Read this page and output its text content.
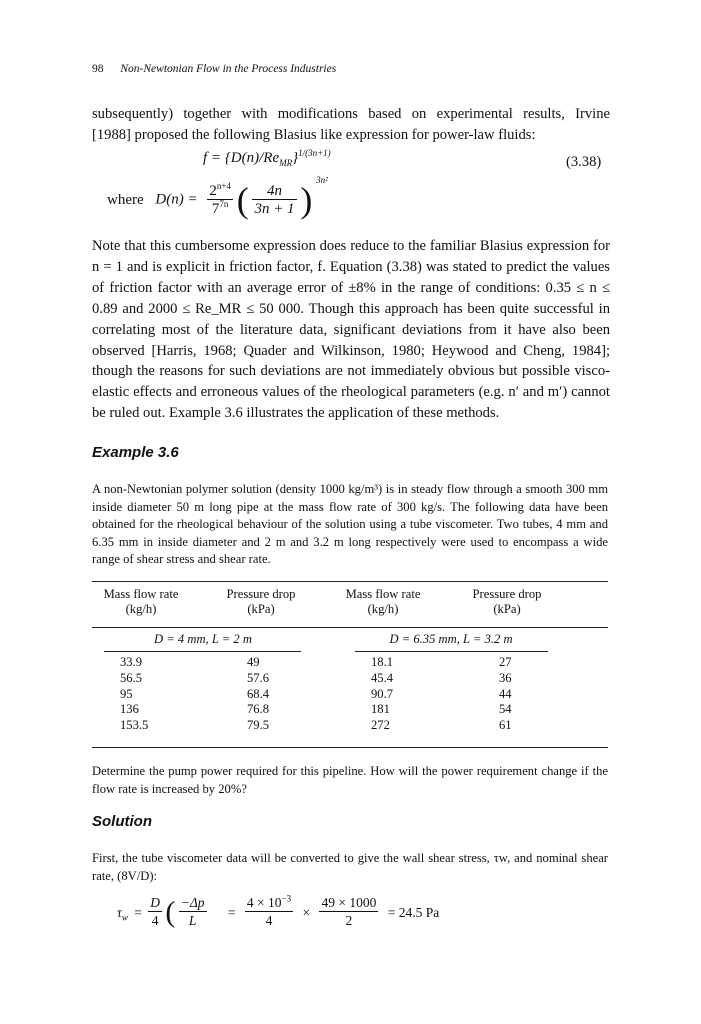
98 Non-Newtonian Flow in the Process Industries
subsequently) together with modifications based on experimental results, Irvine
[1988] proposed the following Blasius like expression for power-law fluids:
$f = \{D(n)/Re_{MR}\}^{1/(3n+1)}$
(3.38)
where $D(n) = \frac{2^{n+4}}{7^{7n}}$ ( $\frac{4n}{3n + 1}$ ) $^{3n^2}$
Note that this cumbersome expression does reduce to the familiar Blasius expression for n = 1 and is explicit in friction factor, f. Equation (3.38) was stated to predict the values of friction factor with an average error of ±8% in the range of conditions: 0.35 ≤ n ≤ 0.89 and 2000 ≤ Re_MR ≤ 50 000. Though this approach has been quite successful in correlating most of the literature data, significant deviations from it have also been observed [Harris, 1968; Quader and Wilkinson, 1980; Heywood and Cheng, 1984]; though the reasons for such deviations are not immediately obvious but possible visco-elastic effects and erroneous values of the rheological parameters (e.g. n′ and m′) cannot be ruled out. Example 3.6 illustrates the application of these methods.
Example 3.6
A non-Newtonian polymer solution (density 1000 kg/m³) is in steady flow through a smooth 300 mm inside diameter 50 m long pipe at the mass flow rate of 300 kg/s. The following data have been obtained for the rheological behaviour of the solution using a tube viscometer. Two tubes, 4 mm and 6.35 mm in inside diameter and 2 m and 3.2 m long respectively were used to encompass a wide range of shear stress and shear rate.
Mass flow rate
(kg/h)
Pressure drop
(kPa)
Mass flow rate
(kg/h)
Pressure drop
(kPa)
D = 4 mm, L = 2 m	D = 6.35 mm, L = 3.2 m
33.9
56.5
95
136
153.5
49
57.6
68.4
76.8
79.5
18.1
45.4
90.7
181
272
27
36
44
54
61
Determine the pump power required for this pipeline. How will the power requirement change if the flow rate is increased by 20%?
Solution
First, the tube viscometer data will be converted to give the wall shear stress, τw, and nominal shear rate, (8V/D):
$\tau_w = \frac{D}{4}$ ( $\frac{-\Delta p}{L} = \frac{4 \times 10^{-3}}{4} \times \frac{49 \times 1000}{2} = 24.5$ Pa
